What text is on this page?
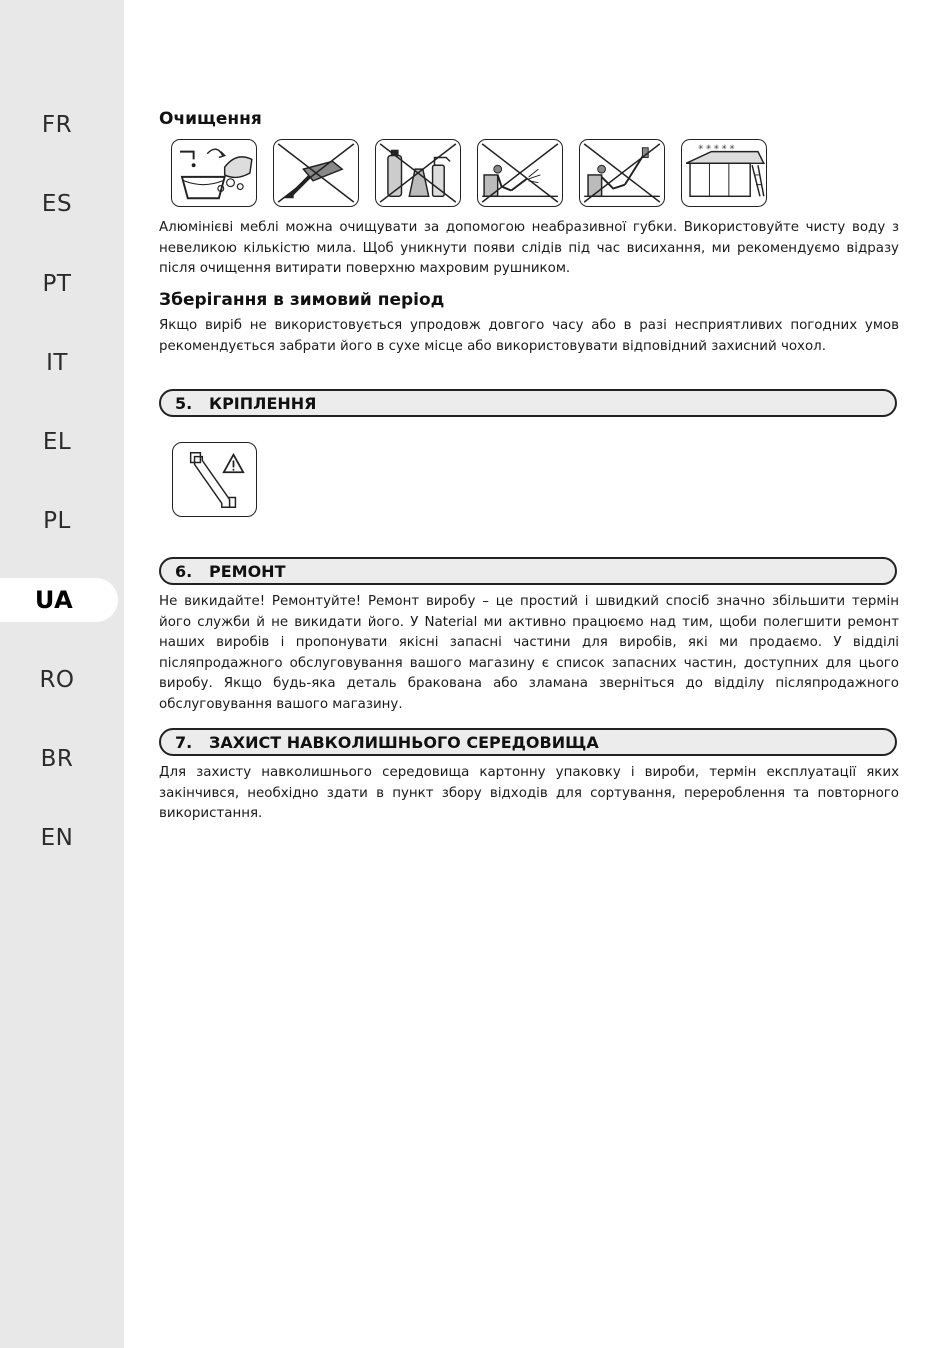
FR
ES
PT
IT
EL
PL
UA
RO
BR
EN
Очищення
✳ ✳ ✳ ✳ ✳

Алюмінієві меблі можна очищувати за допомогою неабразивної губки. Використовуйте чисту воду з невеликою кількістю мила. Щоб уникнути появи слідів під час висихання, ми рекомендуємо відразу після очищення витирати поверхню махровим рушником.

Зберігання в зимовий період

Якщо виріб не використовується упродовж довгого часу або в разі несприятливих погодних умов рекомендується забрати його в сухе місце або використовувати відповідний захисний чохол.

5.	КРІПЛЕННЯ
6.	РЕМОНТ

Не викидайте! Ремонтуйте! Ремонт виробу – це простий і швидкий спосіб значно збільшити термін його служби й не викидати його. У Naterial ми активно працюємо над тим, щоби полегшити ремонт наших виробів і пропонувати якісні запасні частини для виробів, які ми продаємо. У відділі післяпродажного обслуговування вашого магазину є список запасних частин, доступних для цього виробу. Якщо будь-яка деталь бракована або зламана зверніться до відділу післяпродажного обслуговування вашого магазину.

7.	ЗАХИСТ НАВКОЛИШНЬОГО СЕРЕДОВИЩА

Для захисту навколишнього середовища картонну упаковку і вироби, термін експлуатації яких закінчився, необхідно здати в пункт збору відходів для сортування, перероблення та повторного використання.
